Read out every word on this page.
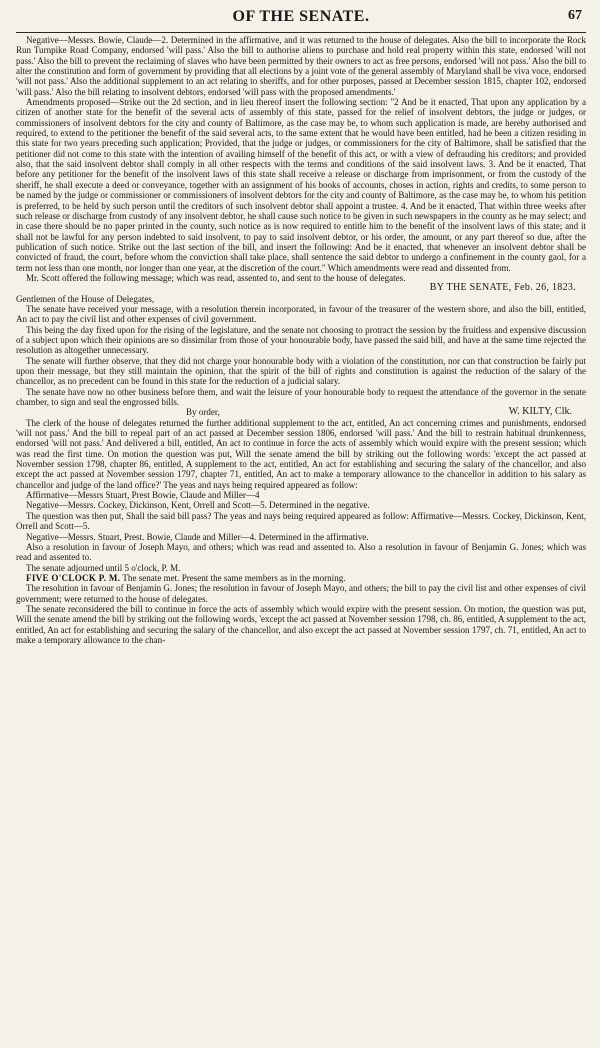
OF THE SENATE.	67

Negative—Messrs. Bowie, Claude—2. Determined in the affirmative, and it was returned to the house of delegates. Also the bill to incorporate the Rock Run Turnpike Road Company, endorsed 'will pass.' Also the bill to authorise aliens to purchase and hold real property within this state, endorsed 'will not pass.' Also the bill to prevent the reclaiming of slaves who have been permitted by their owners to act as free persons, endorsed 'will not pass.' Also the bill to alter the constitution and form of government by providing that all elections by a joint vote of the general assembly of Maryland shall be viva voce, endorsed 'will not pass.' Also the additional supplement to an act relating to sheriffs, and for other purposes, passed at December session 1815, chapter 102, endorsed 'will pass.' Also the bill relating to insolvent debtors, endorsed 'will pass with the proposed amendments.'

Amendments proposed—Strike out the 2d section, and in lieu thereof insert the following section: "2 And be it enacted, That upon any application by a citizen of another state for the benefit of the several acts of assembly of this state, passed for the relief of insolvent debtors, the judge or judges, or commissioners of insolvent debtors for the city and county of Baltimore, as the case may be, to whom such application is made, are hereby authorised and required, to extend to the petitioner the benefit of the said several acts, to the same extent that he would have been entitled, had he been a citizen residing in this state for two years preceding such application; Provided, that the judge or judges, or commissioners for the city of Baltimore, shall be satisfied that the petitioner did not come to this state with the intention of availing himself of the benefit of this act, or with a view of defrauding his creditors; and provided also, that the said insolvent debtor shall comply in all other respects with the terms and conditions of the said insolvent laws. 3. And be it enacted, That before any petitioner for the benefit of the insolvent laws of this state shall receive a release or discharge from imprisonment, or from the custody of the sheriff, he shall execute a deed or conveyance, together with an assignment of his books of accounts, choses in action, rights and credits, to some person to be named by the judge or commissioner or commissioners of insolvent debtors for the city and county of Baltimore, as the case may be, to whom his petition is preferred, to be held by such person until the creditors of such insolvent debtor shall appoint a trustee. 4. And be it enacted, That within three weeks after such release or discharge from custody of any insolvent debtor, he shall cause such notice to be given in such newspapers in the county as he may select; and in case there should be no paper printed in the county, such notice as is now required to entitle him to the benefit of the insolvent laws of this state; and it shall not be lawful for any person indebted to said insolvent, to pay to said insolvent debtor, or his order, the amount, or any part thereof so due, after the publication of such notice. Strike out the last section of the bill, and insert the following: And be it enacted, that whenever an insolvent debtor shall be convicted of fraud, the court, before whom the conviction shall take place, shall sentence the said debtor to undergo a confinement in the county gaol, for a term not less than one month, nor longer than one year, at the discretion of the court." Which amendments were read and dissented from.

Mr. Scott offered the following message; which was read, assented to, and sent to the house of delegates.

BY THE SENATE, Feb. 26, 1823.

Gentlemen of the House of Delegates,

The senate have received your message, with a resolution therein incorporated, in favour of the treasurer of the western shore, and also the bill, entitled, An act to pay the civil list and other expenses of civil government.

This being the day fixed upon for the rising of the legislature, and the senate not choosing to protract the session by the fruitless and expensive discussion of a subject upon which their opinions are so dissimilar from those of your honourable body, have passed the said bill, and have at the same time rejected the resolution as altogether unnecessary.

The senate will further observe, that they did not charge your honourable body with a violation of the constitution, nor can that construction be fairly put upon their message, but they still maintain the opinion, that the spirit of the bill of rights and constitution is against the reduction of the salary of the chancellor, as no precedent can be found in this state for the reduction of a judicial salary.

The senate have now no other business before them, and wait the leisure of your honourable body to request the attendance of the governor in the senate chamber, to sign and seal the engrossed bills.

By order,	W. KILTY, Clk.

The clerk of the house of delegates returned the further additional supplement to the act, entitled, An act concerning crimes and punishments, endorsed 'will not pass.' And the bill to repeal part of an act passed at December session 1806, endorsed 'will pass.' And the bill to restrain habitual drunkenness, endorsed 'will not pass.' And delivered a bill, entitled, An act to continue in force the acts of assembly which would expire with the present session; which was read the first time. On motion the question was put, Will the senate amend the bill by striking out the following words: 'except the act passed at November session 1798, chapter 86, entitled, A supplement to the act, entitled, An act for establishing and securing the salary of the chancellor, and also except the act passed at November session 1797, chapter 71, entitled, An act to make a temporary allowance to the chancellor in addition to his salary as chancellor and judge of the land office?' The yeas and nays being required appeared as follow:

Affirmative—Messrs Stuart, Prest Bowie, Claude and Miller—4

Negative—Messrs. Cockey, Dickinson, Kent, Orrell and Scott—5. Determined in the negative.

The question was then put, Shall the said bill pass? The yeas and nays being required appeared as follow: Affirmative—Messrs. Cockey, Dickinson, Kent, Orrell and Scott—5.

Negative—Messrs. Stuart, Prest. Bowie, Claude and Miller—4. Determined in the affirmative.

Also a resolution in favour of Joseph Mayo, and others; which was read and assented to. Also a resolution in favour of Benjamin G. Jones; which was read and assented to.

The senate adjourned until 5 o'clock, P. M.

FIVE O'CLOCK P. M. The senate met. Present the same members as in the morning.

The resolution in favour of Benjamin G. Jones; the resolution in favour of Joseph Mayo, and others; the bill to pay the civil list and other expenses of civil government; were returned to the house of delegates.

The senate reconsidered the bill to continue in force the acts of assembly which would expire with the present session. On motion, the question was put, Will the senate amend the bill by striking out the following words, 'except the act passed at November session 1798, ch. 86, entitled, A supplement to the act, entitled, An act for establishing and securing the salary of the chancellor, and also except the act passed at November session 1797, ch. 71, entitled, An act to make a temporary allowance to the chan-
